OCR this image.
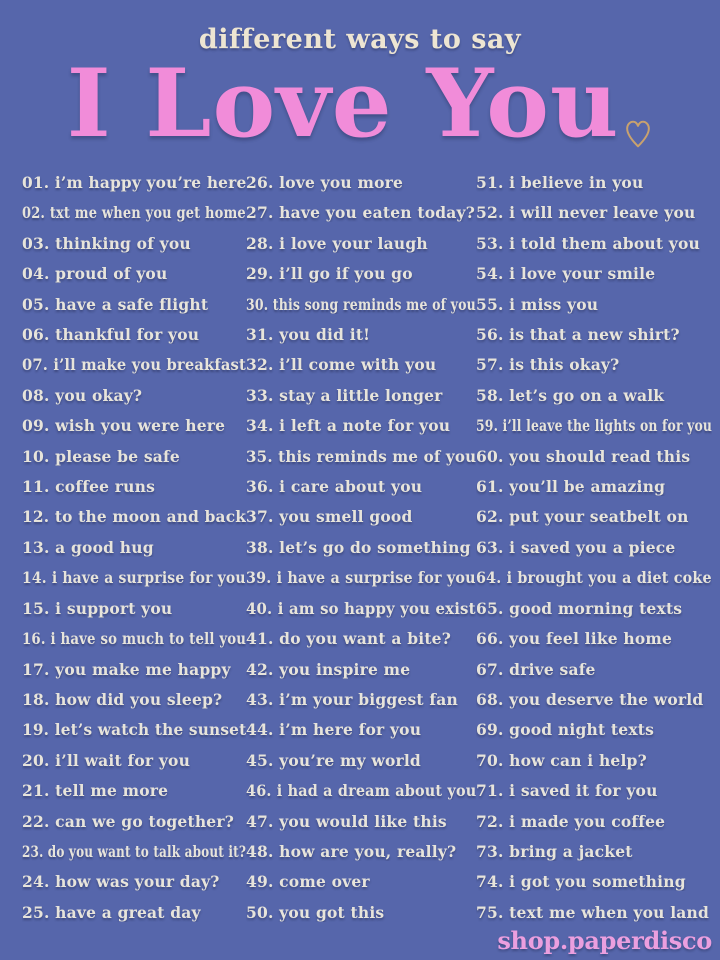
different ways to say
I Love You
01. i’m happy you’re here
02. txt me when you get home
03. thinking of you
04. proud of you
05. have a safe flight
06. thankful for you
07. i’ll make you breakfast
08. you okay?
09. wish you were here
10. please be safe
11. coffee runs
12. to the moon and back
13. a good hug
14. i have a surprise for you
15. i support you
16. i have so much to tell you
17. you make me happy
18. how did you sleep?
19. let’s watch the sunset
20. i’ll wait for you
21. tell me more
22. can we go together?
23. do you want to talk about it?
24. how was your day?
25. have a great day
26. love you more
27. have you eaten today?
28. i love your laugh
29. i’ll go if you go
30. this song reminds me of you
31. you did it!
32. i’ll come with you
33. stay a little longer
34. i left a note for you
35. this reminds me of you
36. i care about you
37. you smell good
38. let’s go do something
39. i have a surprise for you
40. i am so happy you exist
41. do you want a bite?
42. you inspire me
43. i’m your biggest fan
44. i’m here for you
45. you’re my world
46. i had a dream about you
47. you would like this
48. how are you, really?
49. come over
50. you got this
51. i believe in you
52. i will never leave you
53. i told them about you
54. i love your smile
55. i miss you
56. is that a new shirt?
57. is this okay?
58. let’s go on a walk
59. i’ll leave the lights on for you
60. you should read this
61. you’ll be amazing
62. put your seatbelt on
63. i saved you a piece
64. i brought you a diet coke
65. good morning texts
66. you feel like home
67. drive safe
68. you deserve the world
69. good night texts
70. how can i help?
71. i saved it for you
72. i made you coffee
73. bring a jacket
74. i got you something
75. text me when you land
shop.paperdisco
